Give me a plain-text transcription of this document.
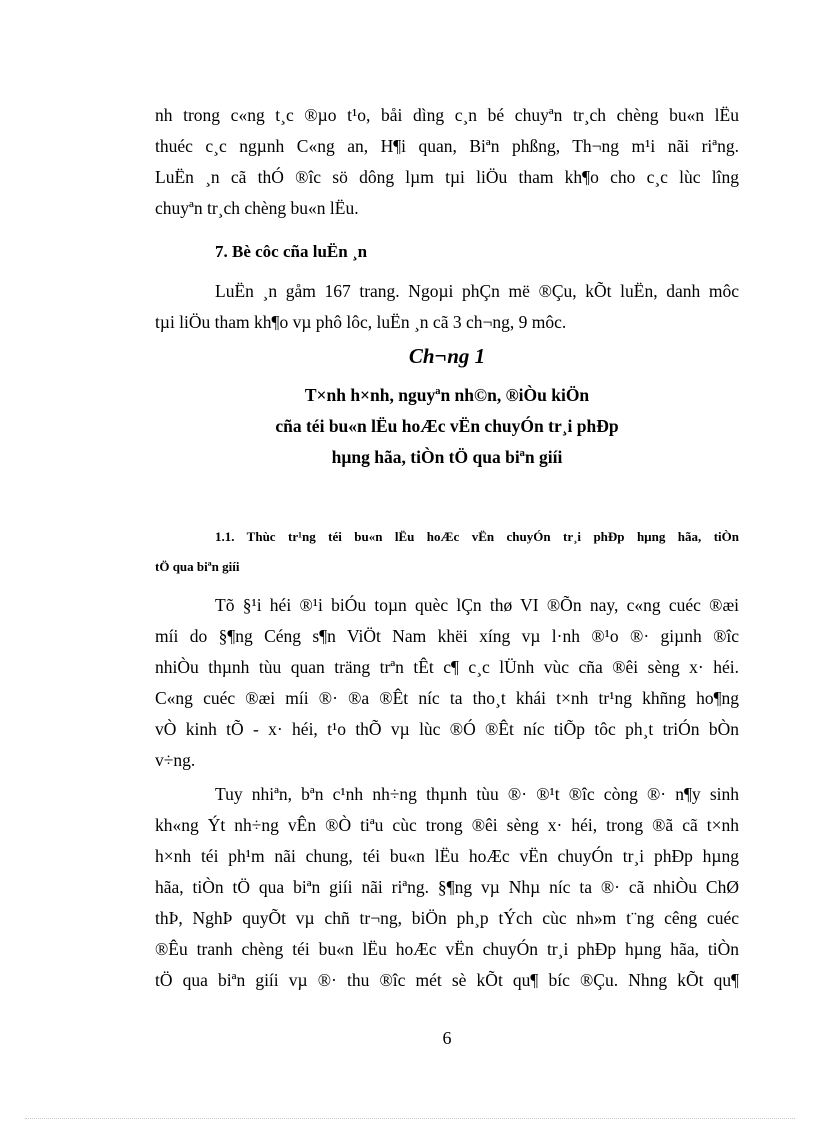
nh trong c«ng t¸c ®µo t¹o, båi dìng c¸n bé chuyªn tr¸ch chèng bu«n lËu
thuéc c¸c ngµnh C«ng an, H¶i quan, Biªn phßng, Th¬ng m¹i nãi riªng.
LuËn ¸n cã thÓ ®îc sö dông lµm tµi liÖu tham kh¶o cho c¸c lùc lîng
chuyªn tr¸ch chèng bu«n lËu.
7. Bè côc cña luËn ¸n
LuËn ¸n gåm 167 trang. Ngoµi phÇn më ®Çu, kÕt luËn, danh môc
tµi liÖu tham kh¶o vµ phô lôc, luËn ¸n cã 3 ch¬ng, 9 môc.
Ch¬ng 1
T×nh h×nh, nguyªn nh©n, ®iÒu kiÖn
cña téi bu«n lËu hoÆc vËn chuyÓn tr¸i phÐp
hµng hãa, tiÒn tÖ qua biªn giíi
1.1. Thùc tr¹ng téi bu«n lËu hoÆc vËn chuyÓn tr¸i phÐp hµng hãa, tiÒn
tÖ qua biªn giíi
Tõ §¹i héi ®¹i biÓu toµn quèc lÇn thø VI ®Õn nay, c«ng cuéc ®æi
míi do §¶ng Céng s¶n ViÖt Nam khëi xíng vµ l·nh ®¹o ®· giµnh ®îc
nhiÒu thµnh tùu quan träng trªn tÊt c¶ c¸c lÜnh vùc cña ®êi sèng x· héi.
C«ng cuéc ®æi míi ®· ®a ®Êt níc ta tho¸t khái t×nh tr¹ng khñng ho¶ng
vÒ kinh tÕ - x· héi, t¹o thÕ vµ lùc ®Ó ®Êt níc tiÕp tôc ph¸t triÓn bÒn
v÷ng.
Tuy nhiªn, bªn c¹nh nh÷ng thµnh tùu ®· ®¹t ®îc còng ®· n¶y sinh
kh«ng Ýt nh÷ng vÊn ®Ò tiªu cùc trong ®êi sèng x· héi, trong ®ã cã t×nh
h×nh téi ph¹m nãi chung, téi bu«n lËu hoÆc vËn chuyÓn tr¸i phÐp hµng
hãa, tiÒn tÖ qua biªn giíi nãi riªng. §¶ng vµ Nhµ níc ta ®· cã nhiÒu ChØ
thÞ, NghÞ quyÕt vµ chñ tr¬ng, biÖn ph¸p tÝch cùc nh»m t¨ng cêng cuéc
®Êu tranh chèng téi bu«n lËu hoÆc vËn chuyÓn tr¸i phÐp hµng hãa, tiÒn
tÖ qua biªn giíi vµ ®· thu ®îc mét sè kÕt qu¶ bíc ®Çu. Nhng kÕt qu¶
6
